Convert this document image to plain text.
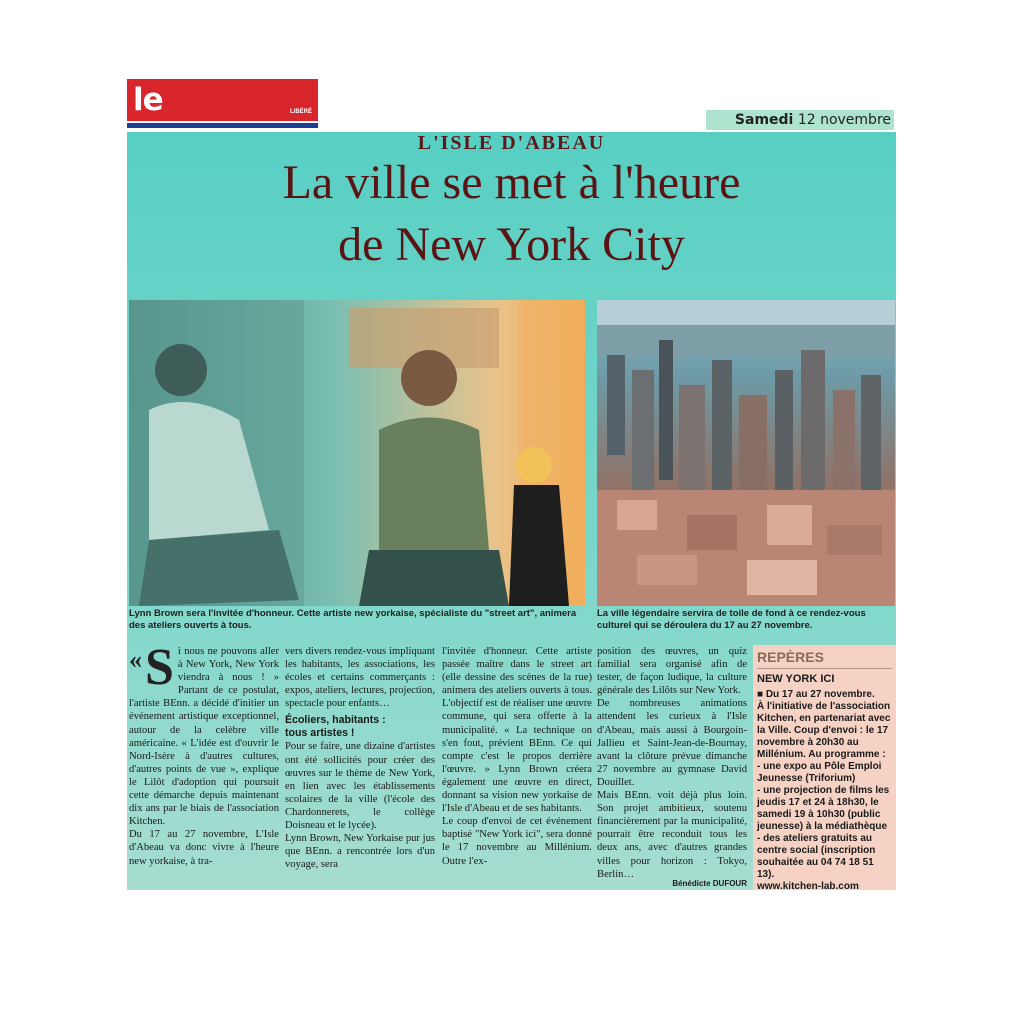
le	LIBÉRÉ	Samedi 12 novembre
L'ISLE D'ABEAU
La ville se met à l'heure
de New York City
Lynn Brown sera l'invitée d'honneur. Cette artiste new yorkaise, spécialiste du "street art", animera des ateliers ouverts à tous.
La ville légendaire servira de toile de fond à ce rendez-vous culturel qui se déroulera du 17 au 27 novembre.
« S i nous ne pouvons aller à New York, New York viendra à nous ! » Partant de ce postulat, l'artiste BEnn. a décidé d'initier un événement artistique exceptionnel, autour de la celèbre ville américaine. « L'idée est d'ouvrir le Nord-Isère à d'autres cultures, d'autres points de vue », explique le Lilôt d'adoption qui poursuit cette démarche depuis maintenant dix ans par le biais de l'association Kitchen.

Du 17 au 27 novembre, L'Isle d'Abeau va donc vivre à l'heure new yorkaise, à tra-

vers divers rendez-vous impliquant les habitants, les associations, les écoles et certains commerçants : expos, ateliers, lectures, projection, spectacle pour enfants…

Écoliers, habitants :
tous artistes !

Pour se faire, une dizaine d'artistes ont été sollicités pour créer des œuvres sur le thème de New York, en lien avec les établissements scolaires de la ville (l'école des Chardonnerets, le collège Doisneau et le lycée).

Lynn Brown, New Yorkaise pur jus que BEnn. a rencontrée lors d'un voyage, sera

l'invitée d'honneur. Cette artiste passée maître dans le street art (elle dessine des scènes de la rue) animera des ateliers ouverts à tous. L'objectif est de réaliser une œuvre commune, qui sera offerte à la municipalité. « La technique on s'en fout, prévient BEnn. Ce qui compte c'est le propos derrière l'œuvre. » Lynn Brown créera également une œuvre en direct, donnant sa vision new yorkaise de l'Isle d'Abeau et de ses habitants.

Le coup d'envoi de cet événement baptisé "New York ici", sera donné le 17 novembre au Millénium. Outre l'ex-

position des œuvres, un quiz familial sera organisé afin de tester, de façon ludique, la culture générale des Lilôts sur New York.

De nombreuses animations attendent les curieux à l'Isle d'Abeau, mais aussi à Bourgoin-Jallieu et Saint-Jean-de-Bournay, avant la clôture prévue dimanche 27 novembre au gymnase David Douillet.

Mais BEnn. voit déjà plus loin. Son projet ambitieux, soutenu financièrement par la municipalité, pourrait être reconduit tous les deux ans, avec d'autres grandes villes pour horizon : Tokyo, Berlin…

Bénédicte DUFOUR
REPÈRES
NEW YORK ICI

■ Du 17 au 27 novembre.

À l'initiative de l'association Kitchen, en partenariat avec la Ville. Coup d'envoi : le 17 novembre à 20h30 au Millénium. Au programme :

- une expo au Pôle Emploi Jeunesse (Triforium)

- une projection de films les jeudis 17 et 24 à 18h30, le samedi 19 à 10h30 (public jeunesse) à la médiathèque

- des ateliers gratuits au centre social (inscription souhaitée au 04 74 18 51 13).

www.kitchen-lab.com
